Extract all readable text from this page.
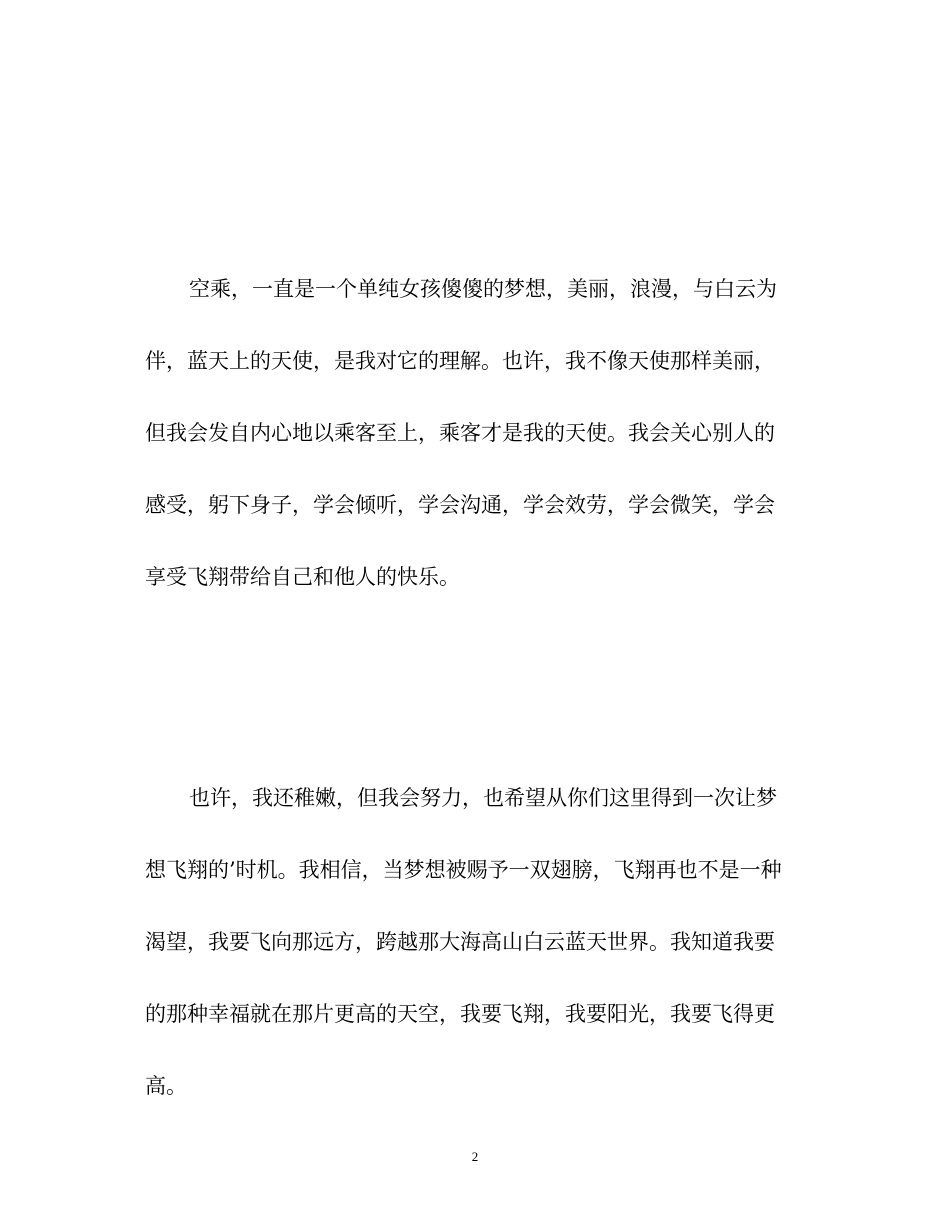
空乘，一直是一个单纯女孩傻傻的梦想，美丽，浪漫，与白云为
伴，蓝天上的天使，是我对它的理解。也许，我不像天使那样美丽，
但我会发自内心地以乘客至上，乘客才是我的天使。我会关心别人的
感受，躬下身子，学会倾听，学会沟通，学会效劳，学会微笑，学会
享受飞翔带给自己和他人的快乐。
也许，我还稚嫩，但我会努力，也希望从你们这里得到一次让梦
想飞翔的’时机。我相信，当梦想被赐予一双翅膀，飞翔再也不是一种
渴望，我要飞向那远方，跨越那大海高山白云蓝天世界。我知道我要
的那种幸福就在那片更高的天空，我要飞翔，我要阳光，我要飞得更
高。
2
